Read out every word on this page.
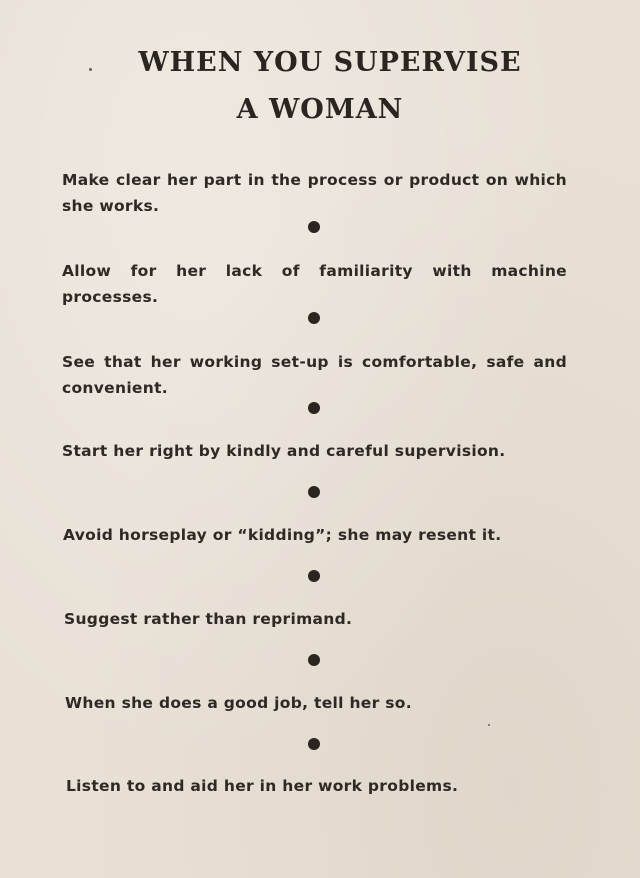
WHEN YOU SUPERVISE
A WOMAN
Make clear her part in the process or product on which she works.
Allow for her lack of familiarity with machine processes.
See that her working set-up is comfortable, safe and convenient.
Start her right by kindly and careful supervision.
Avoid horseplay or “kidding”; she may resent it.
Suggest rather than reprimand.
When she does a good job, tell her so.
Listen to and aid her in her work problems.
